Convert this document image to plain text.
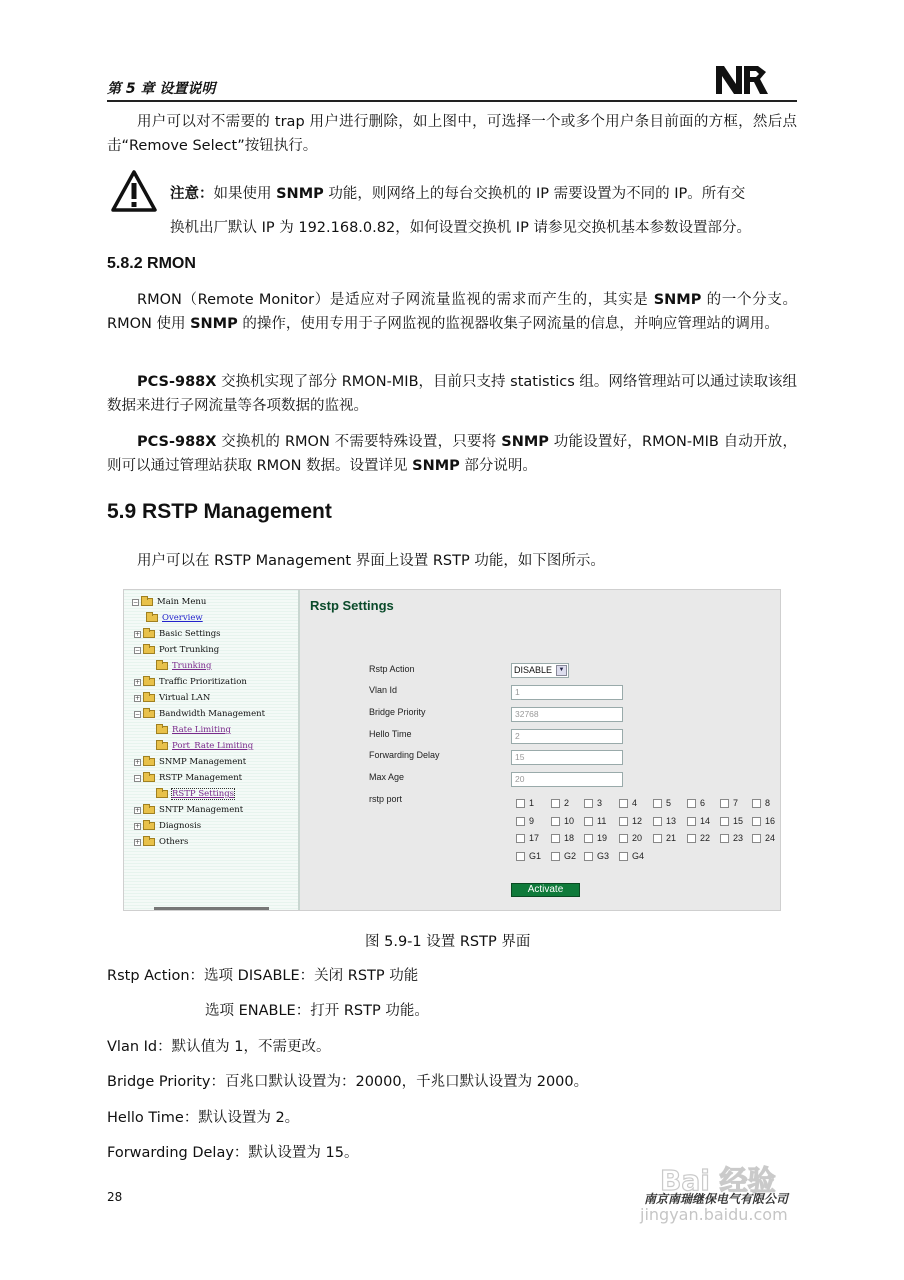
第 5 章 设置说明
用户可以对不需要的 trap 用户进行删除，如上图中，可选择一个或多个用户条目前面的方框，然后点击“Remove Select”按钮执行。
注意：如果使用 SNMP 功能，则网络上的每台交换机的 IP 需要设置为不同的 IP。所有交
换机出厂默认 IP 为 192.168.0.82，如何设置交换机 IP 请参见交换机基本参数设置部分。
5.8.2 RMON
RMON（Remote Monitor）是适应对子网流量监视的需求而产生的，其实是 SNMP 的一个分支。RMON 使用 SNMP 的操作，使用专用于子网监视的监视器收集子网流量的信息，并响应管理站的调用。
PCS-988X 交换机实现了部分 RMON-MIB，目前只支持 statistics 组。网络管理站可以通过读取该组数据来进行子网流量等各项数据的监视。
PCS-988X 交换机的 RMON 不需要特殊设置，只要将 SNMP 功能设置好，RMON-MIB 自动开放，则可以通过管理站获取 RMON 数据。设置详见 SNMP 部分说明。
5.9 RSTP Management
用户可以在 RSTP Management 界面上设置 RSTP 功能，如下图所示。
− Main Menu
Overview
+ Basic Settings
− Port Trunking
Trunking
+ Traffic Prioritization
+ Virtual LAN
− Bandwidth Management
Rate Limiting
Port_Rate Limiting
+ SNMP Management
− RSTP Management
RSTP Settings
+ SNTP Management
+ Diagnosis
+ Others
Rstp Settings
Rstp Action	DISABLE	▼
Vlan Id	1
Bridge Priority	32768
Hello Time	2
Forwarding Delay	15
Max Age	20
rstp port	1	2	3	4	5	6	7	8
9	10	11	12	13	14	15 16
17	18	19	20	21	22	23 24
G1	G2 G3	G4
Activate
图 5.9-1 设置 RSTP 界面
Rstp Action：选项 DISABLE：关闭 RSTP 功能
选项 ENABLE：打开 RSTP 功能。
Vlan Id：默认值为 1，不需更改。
Bridge Priority：百兆口默认设置为：20000，千兆口默认设置为 2000。
Hello Time：默认设置为 2。
Forwarding Delay：默认设置为 15。
28	南京南瑞继保电气有限公司
Bai 经验
jingyan.baidu.com
